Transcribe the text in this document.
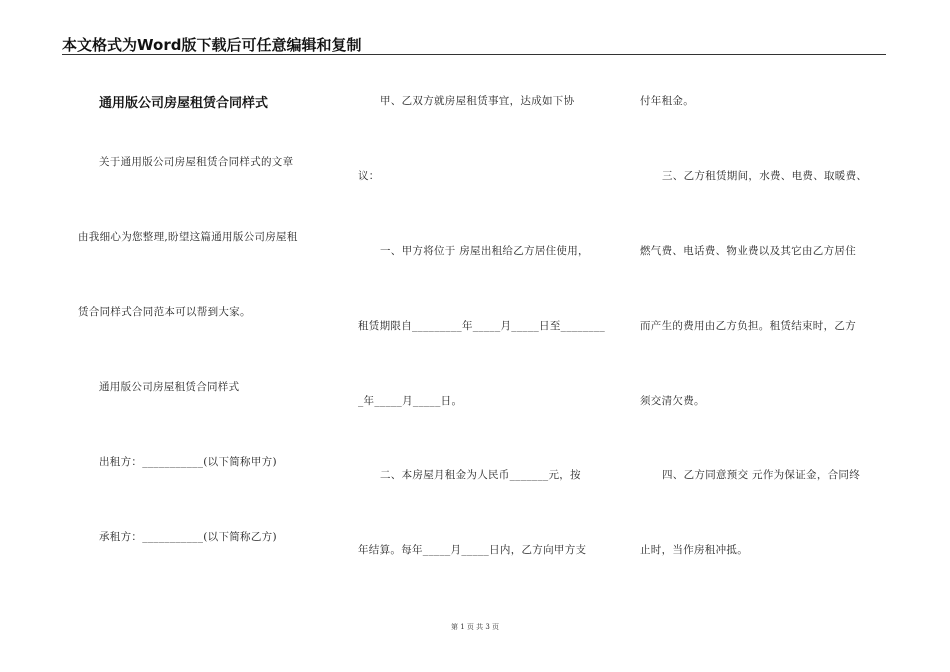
本文格式为Word版下载后可任意编辑和复制
通用版公司房屋租赁合同样式
关于通用版公司房屋租赁合同样式的文章
由我细心为您整理,盼望这篇通用版公司房屋租
赁合同样式合同范本可以帮到大家。
通用版公司房屋租赁合同样式
出租方：___________(以下简称甲方)
承租方：___________(以下简称乙方)
甲、乙双方就房屋租赁事宜，达成如下协
议：
一、甲方将位于 房屋出租给乙方居住使用，
租赁期限自_________年_____月_____日至________
_年_____月_____日。
二、本房屋月租金为人民币_______元，按
年结算。每年_____月_____日内，乙方向甲方支
付年租金。
三、乙方租赁期间，水费、电费、取暖费、
燃气费、电话费、物业费以及其它由乙方居住
而产生的费用由乙方负担。租赁结束时，乙方
须交清欠费。
四、乙方同意预交 元作为保证金，合同终
止时，当作房租冲抵。
第 1 页 共 3 页
